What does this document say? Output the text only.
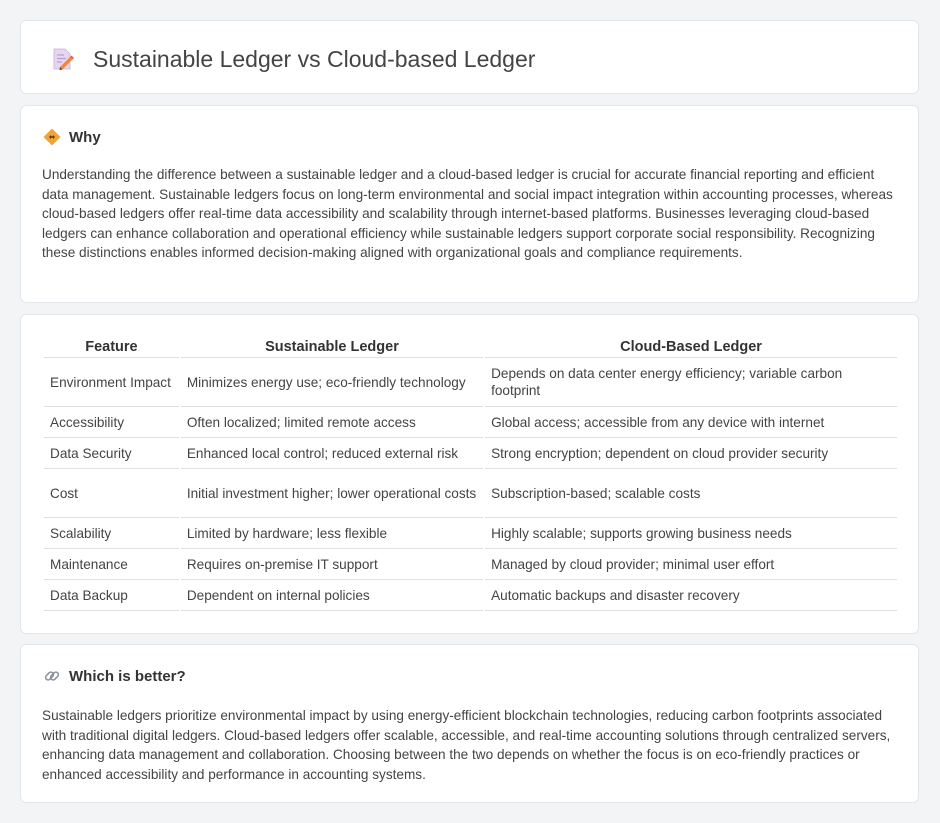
Sustainable Ledger vs Cloud-based Ledger
Why

Understanding the difference between a sustainable ledger and a cloud-based ledger is crucial for accurate financial reporting and efficient data management. Sustainable ledgers focus on long-term environmental and social impact integration within accounting processes, whereas cloud-based ledgers offer real-time data accessibility and scalability through internet-based platforms. Businesses leveraging cloud-based ledgers can enhance collaboration and operational efficiency while sustainable ledgers support corporate social responsibility. Recognizing these distinctions enables informed decision-making aligned with organizational goals and compliance requirements.

Feature	Sustainable Ledger	Cloud-Based Ledger
Environment Impact	Minimizes energy use; eco-friendly technology	Depends on data center energy efficiency; variable carbon footprint
Accessibility	Often localized; limited remote access	Global access; accessible from any device with internet
Data Security	Enhanced local control; reduced external risk	Strong encryption; dependent on cloud provider security
Cost	Initial investment higher; lower operational costs	Subscription-based; scalable costs
Scalability	Limited by hardware; less flexible	Highly scalable; supports growing business needs
Maintenance	Requires on-premise IT support	Managed by cloud provider; minimal user effort
Data Backup	Dependent on internal policies	Automatic backups and disaster recovery
Which is better?

Sustainable ledgers prioritize environmental impact by using energy-efficient blockchain technologies, reducing carbon footprints associated with traditional digital ledgers. Cloud-based ledgers offer scalable, accessible, and real-time accounting solutions through centralized servers, enhancing data management and collaboration. Choosing between the two depends on whether the focus is on eco-friendly practices or enhanced accessibility and performance in accounting systems.
